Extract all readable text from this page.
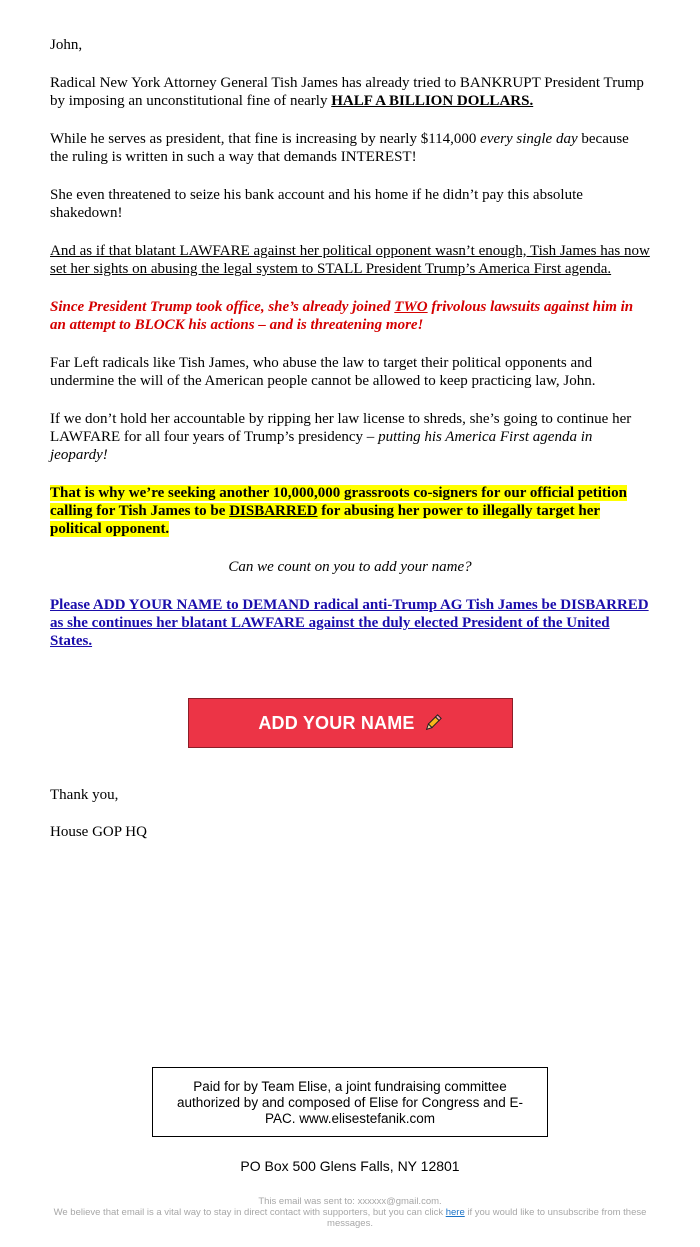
John,

Radical New York Attorney General Tish James has already tried to BANKRUPT President Trump by imposing an unconstitutional fine of nearly HALF A BILLION DOLLARS.

While he serves as president, that fine is increasing by nearly $114,000 every single day because the ruling is written in such a way that demands INTEREST!

She even threatened to seize his bank account and his home if he didn’t pay this absolute shakedown!

And as if that blatant LAWFARE against her political opponent wasn’t enough, Tish James has now set her sights on abusing the legal system to STALL President Trump’s America First agenda.

Since President Trump took office, she’s already joined TWO frivolous lawsuits against him in an attempt to BLOCK his actions – and is threatening more!

Far Left radicals like Tish James, who abuse the law to target their political opponents and undermine the will of the American people cannot be allowed to keep practicing law, John.

If we don’t hold her accountable by ripping her law license to shreds, she’s going to continue her LAWFARE for all four years of Trump’s presidency – putting his America First agenda in jeopardy!

That is why we’re seeking another 10,000,000 grassroots co-signers for our official petition calling for Tish James to be DISBARRED for abusing her power to illegally target her political opponent.

Can we count on you to add your name?

Please ADD YOUR NAME to DEMAND radical anti-Trump AG Tish James be DISBARRED as she continues her blatant LAWFARE against the duly elected President of the United States.

ADD YOUR NAME
Thank you,
House GOP HQ
Paid for by Team Elise, a joint fundraising committee authorized by and composed of Elise for Congress and E-PAC. www.elisestefanik.com
PO Box 500 Glens Falls, NY 12801
This email was sent to: xxxxxx@gmail.com.
We believe that email is a vital way to stay in direct contact with supporters, but you can click here if you would like to unsubscribe from these messages.
